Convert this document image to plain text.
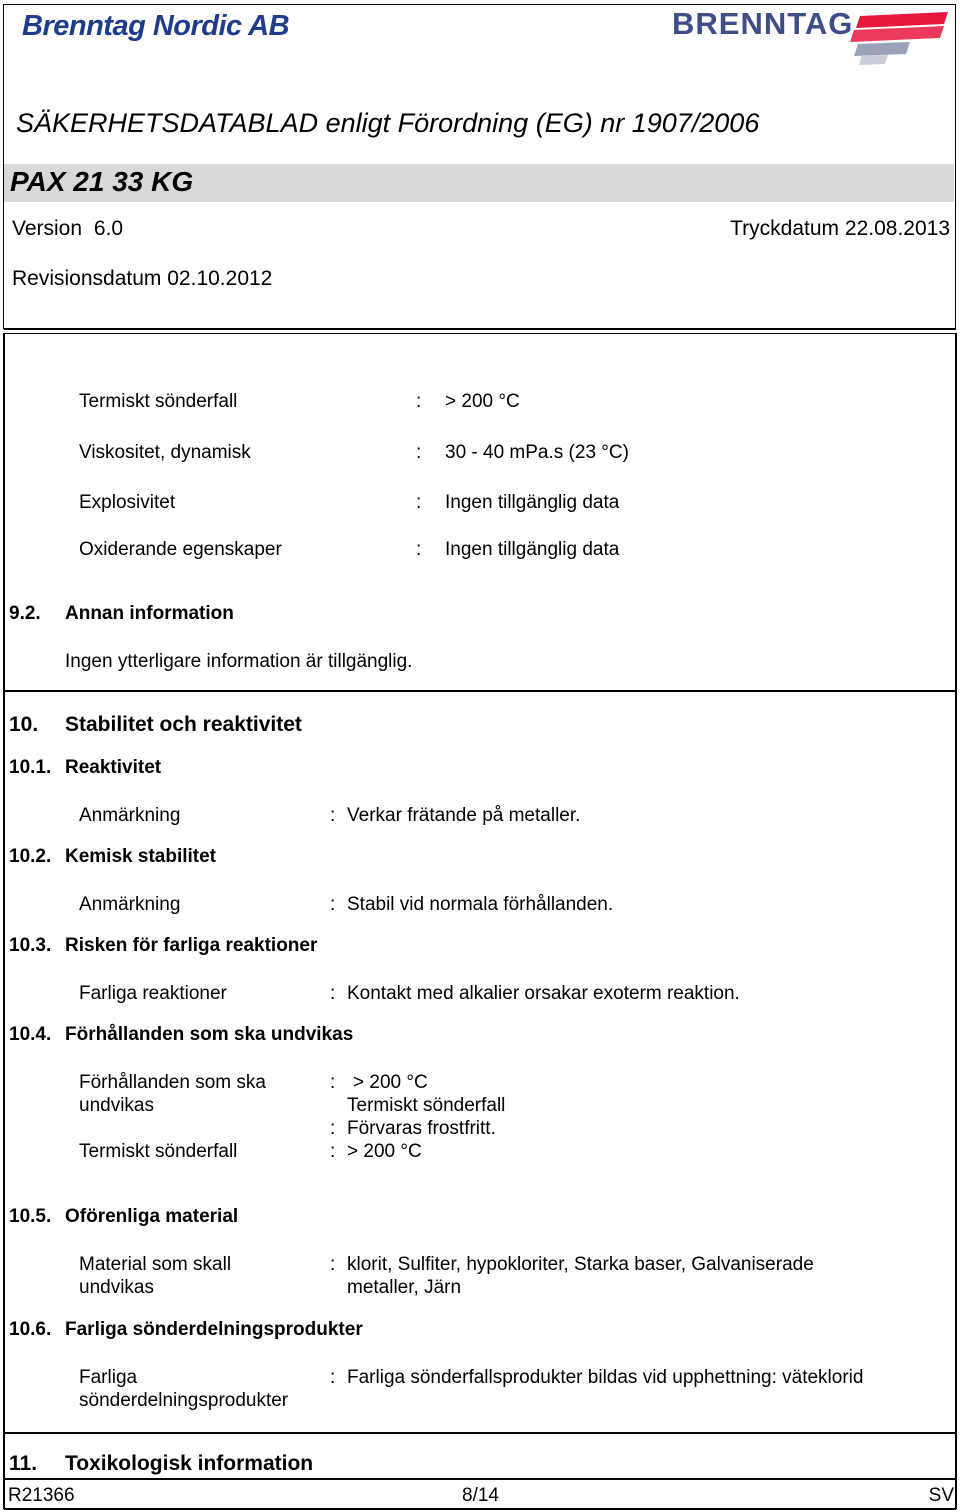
Brenntag Nordic AB	BRENNTAG
SÄKERHETSDATABLAD enligt Förordning (EG) nr 1907/2006
PAX 21 33 KG
Version 6.0	Tryckdatum 22.08.2013
Revisionsdatum 02.10.2012
Termiskt sönderfall	: > 200 °C
Viskositet, dynamisk	: 30 - 40 mPa.s (23 °C)
Explosivitet	: Ingen tillgänglig data
Oxiderande egenskaper	: Ingen tillgänglig data
9.2. Annan information
Ingen ytterligare information är tillgänglig.
10. Stabilitet och reaktivitet
10.1. Reaktivitet
Anmärkning	: Verkar frätande på metaller.
10.2. Kemisk stabilitet
Anmärkning	: Stabil vid normala förhållanden.
10.3. Risken för farliga reaktioner
Farliga reaktioner	: Kontakt med alkalier orsakar exoterm reaktion.
10.4. Förhållanden som ska undvikas
Förhållanden som ska
undvikas
: > 200 °C
Termiskt sönderfall
: Förvaras frostfritt.
Termiskt sönderfall	: > 200 °C
10.5. Oförenliga material
Material som skall
undvikas
: klorit, Sulfiter, hypokloriter, Starka baser, Galvaniserade
metaller, Järn
10.6. Farliga sönderdelningsprodukter
Farliga
sönderdelningsprodukter
: Farliga sönderfallsprodukter bildas vid upphettning: väteklorid
11. Toxikologisk information
R21366	8/14	SV
